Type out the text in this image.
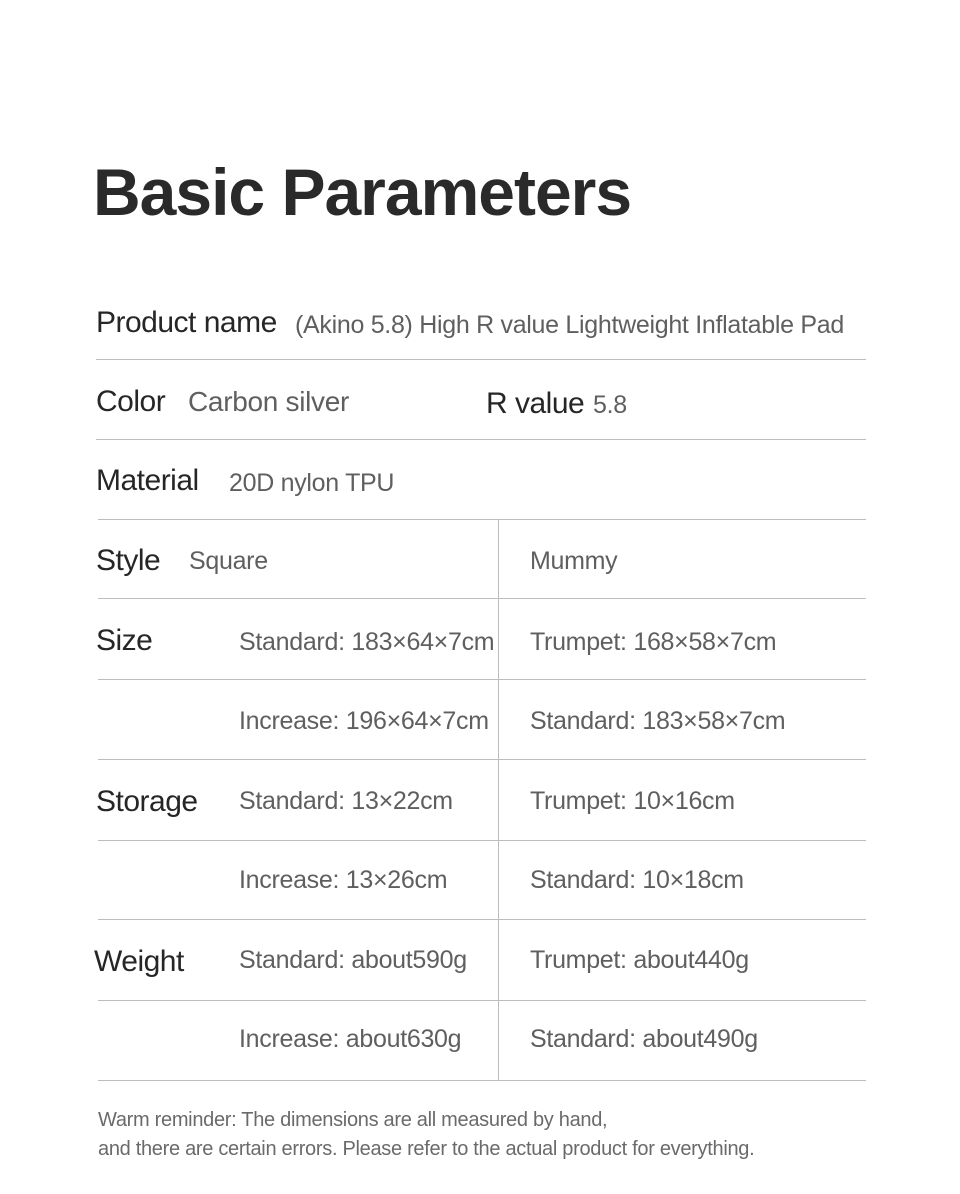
Basic Parameters
Product name (Akino 5.8) High R value Lightweight Inflatable Pad
Color Carbon silver	R value 5.8
Material 20D nylon TPU
Style Square	Mummy
Size	Standard: 183×64×7cm Trumpet: 168×58×7cm
Increase: 196×64×7cm Standard: 183×58×7cm
Storage Standard: 13×22cm	Trumpet: 10×16cm
Increase: 13×26cm	Standard: 10×18cm
Weight Standard: about590g	Trumpet: about440g
Increase: about630g	Standard: about490g
Warm reminder: The dimensions are all measured by hand,
and there are certain errors. Please refer to the actual product for everything.
